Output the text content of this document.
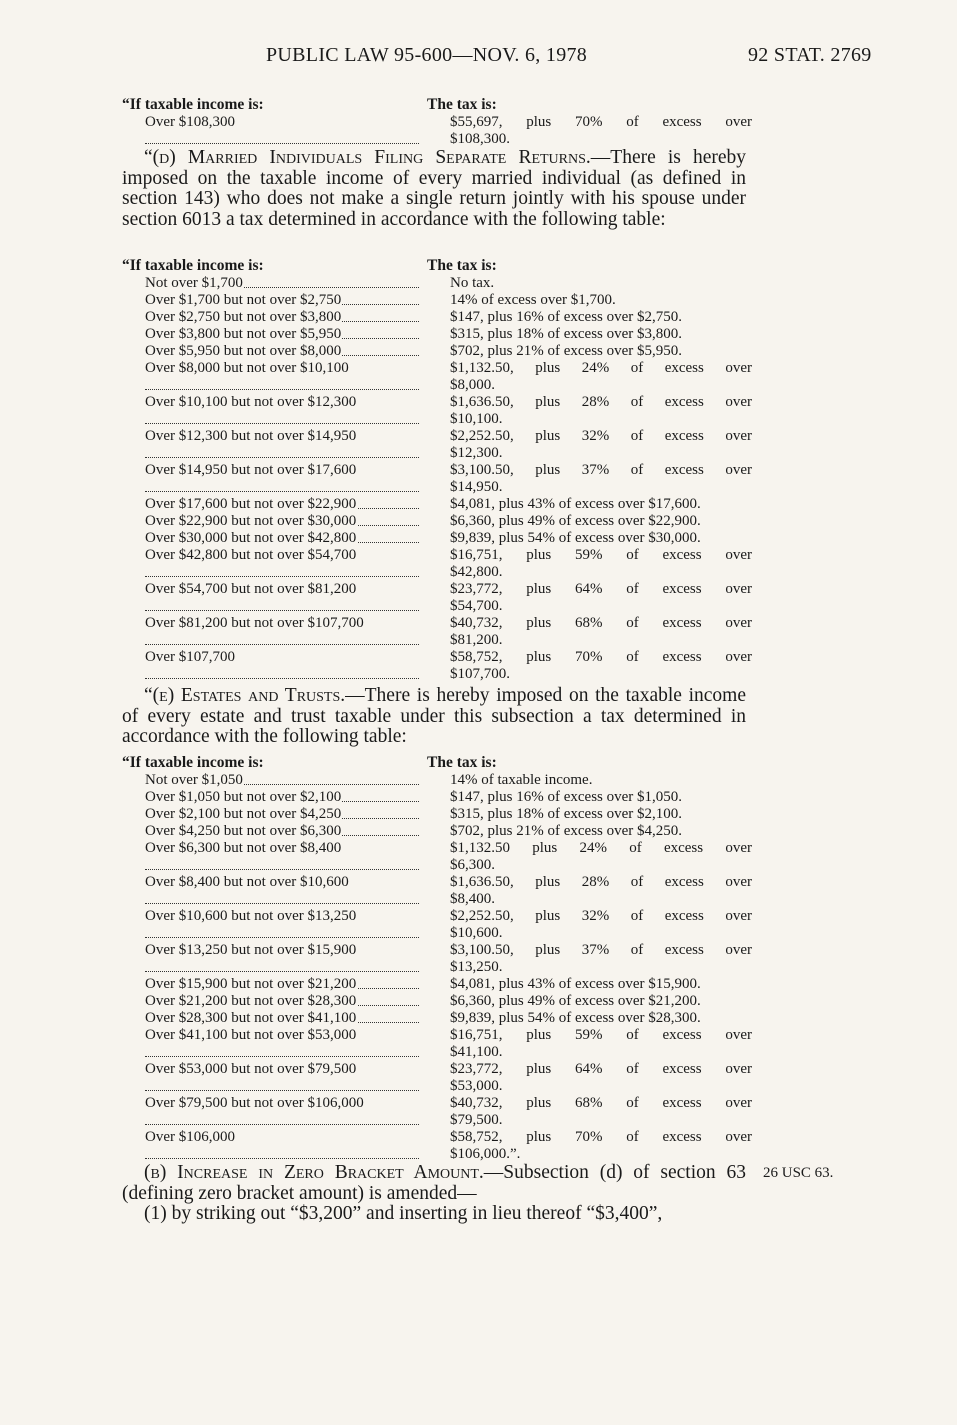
PUBLIC LAW 95-600—NOV. 6, 1978	92 STAT. 2769
“If taxable income is:	The tax is:
Over $108,300	$55,697, plus 70% of excess over
$108,300.
“(d) Married Individuals Filing Separate Returns.—There is hereby imposed on the taxable income of every married individual (as defined in section 143) who does not make a single return jointly with his spouse under section 6013 a tax determined in accordance with the following table:
“If taxable income is:	The tax is:
Not over $1,700	No tax.
Over $1,700 but not over $2,750	14% of excess over $1,700.
Over $2,750 but not over $3,800	$147, plus 16% of excess over $2,750.
Over $3,800 but not over $5,950	$315, plus 18% of excess over $3,800.
Over $5,950 but not over $8,000	$702, plus 21% of excess over $5,950.
Over $8,000 but not over $10,100	$1,132.50, plus 24% of excess over
$8,000.
Over $10,100 but not over $12,300	$1,636.50, plus 28% of excess over
$10,100.
Over $12,300 but not over $14,950	$2,252.50, plus 32% of excess over
$12,300.
Over $14,950 but not over $17,600	$3,100.50, plus 37% of excess over
$14,950.
Over $17,600 but not over $22,900	$4,081, plus 43% of excess over $17,600.
Over $22,900 but not over $30,000	$6,360, plus 49% of excess over $22,900.
Over $30,000 but not over $42,800	$9,839, plus 54% of excess over $30,000.
Over $42,800 but not over $54,700	$16,751, plus 59% of excess over
$42,800.
Over $54,700 but not over $81,200	$23,772, plus 64% of excess over
$54,700.
Over $81,200 but not over $107,700	$40,732, plus 68% of excess over
$81,200.
Over $107,700	$58,752, plus 70% of excess over
$107,700.
“(e) Estates and Trusts.—There is hereby imposed on the taxable income of every estate and trust taxable under this subsection a tax determined in accordance with the following table:
“If taxable income is:	The tax is:
Not over $1,050	14% of taxable income.
Over $1,050 but not over $2,100	$147, plus 16% of excess over $1,050.
Over $2,100 but not over $4,250	$315, plus 18% of excess over $2,100.
Over $4,250 but not over $6,300	$702, plus 21% of excess over $4,250.
Over $6,300 but not over $8,400	$1,132.50 plus 24% of excess over
$6,300.
Over $8,400 but not over $10,600	$1,636.50, plus 28% of excess over
$8,400.
Over $10,600 but not over $13,250	$2,252.50, plus 32% of excess over
$10,600.
Over $13,250 but not over $15,900	$3,100.50, plus 37% of excess over
$13,250.
Over $15,900 but not over $21,200	$4,081, plus 43% of excess over $15,900.
Over $21,200 but not over $28,300	$6,360, plus 49% of excess over $21,200.
Over $28,300 but not over $41,100	$9,839, plus 54% of excess over $28,300.
Over $41,100 but not over $53,000	$16,751, plus 59% of excess over
$41,100.
Over $53,000 but not over $79,500	$23,772, plus 64% of excess over
$53,000.
Over $79,500 but not over $106,000	$40,732, plus 68% of excess over
$79,500.
Over $106,000	$58,752, plus 70% of excess over
$106,000.”.
(b) Increase in Zero Bracket Amount.—Subsection (d) of section 63 (defining zero bracket amount) is amended—
26 USC 63.
(1) by striking out “$3,200” and inserting in lieu thereof “$3,400”,
